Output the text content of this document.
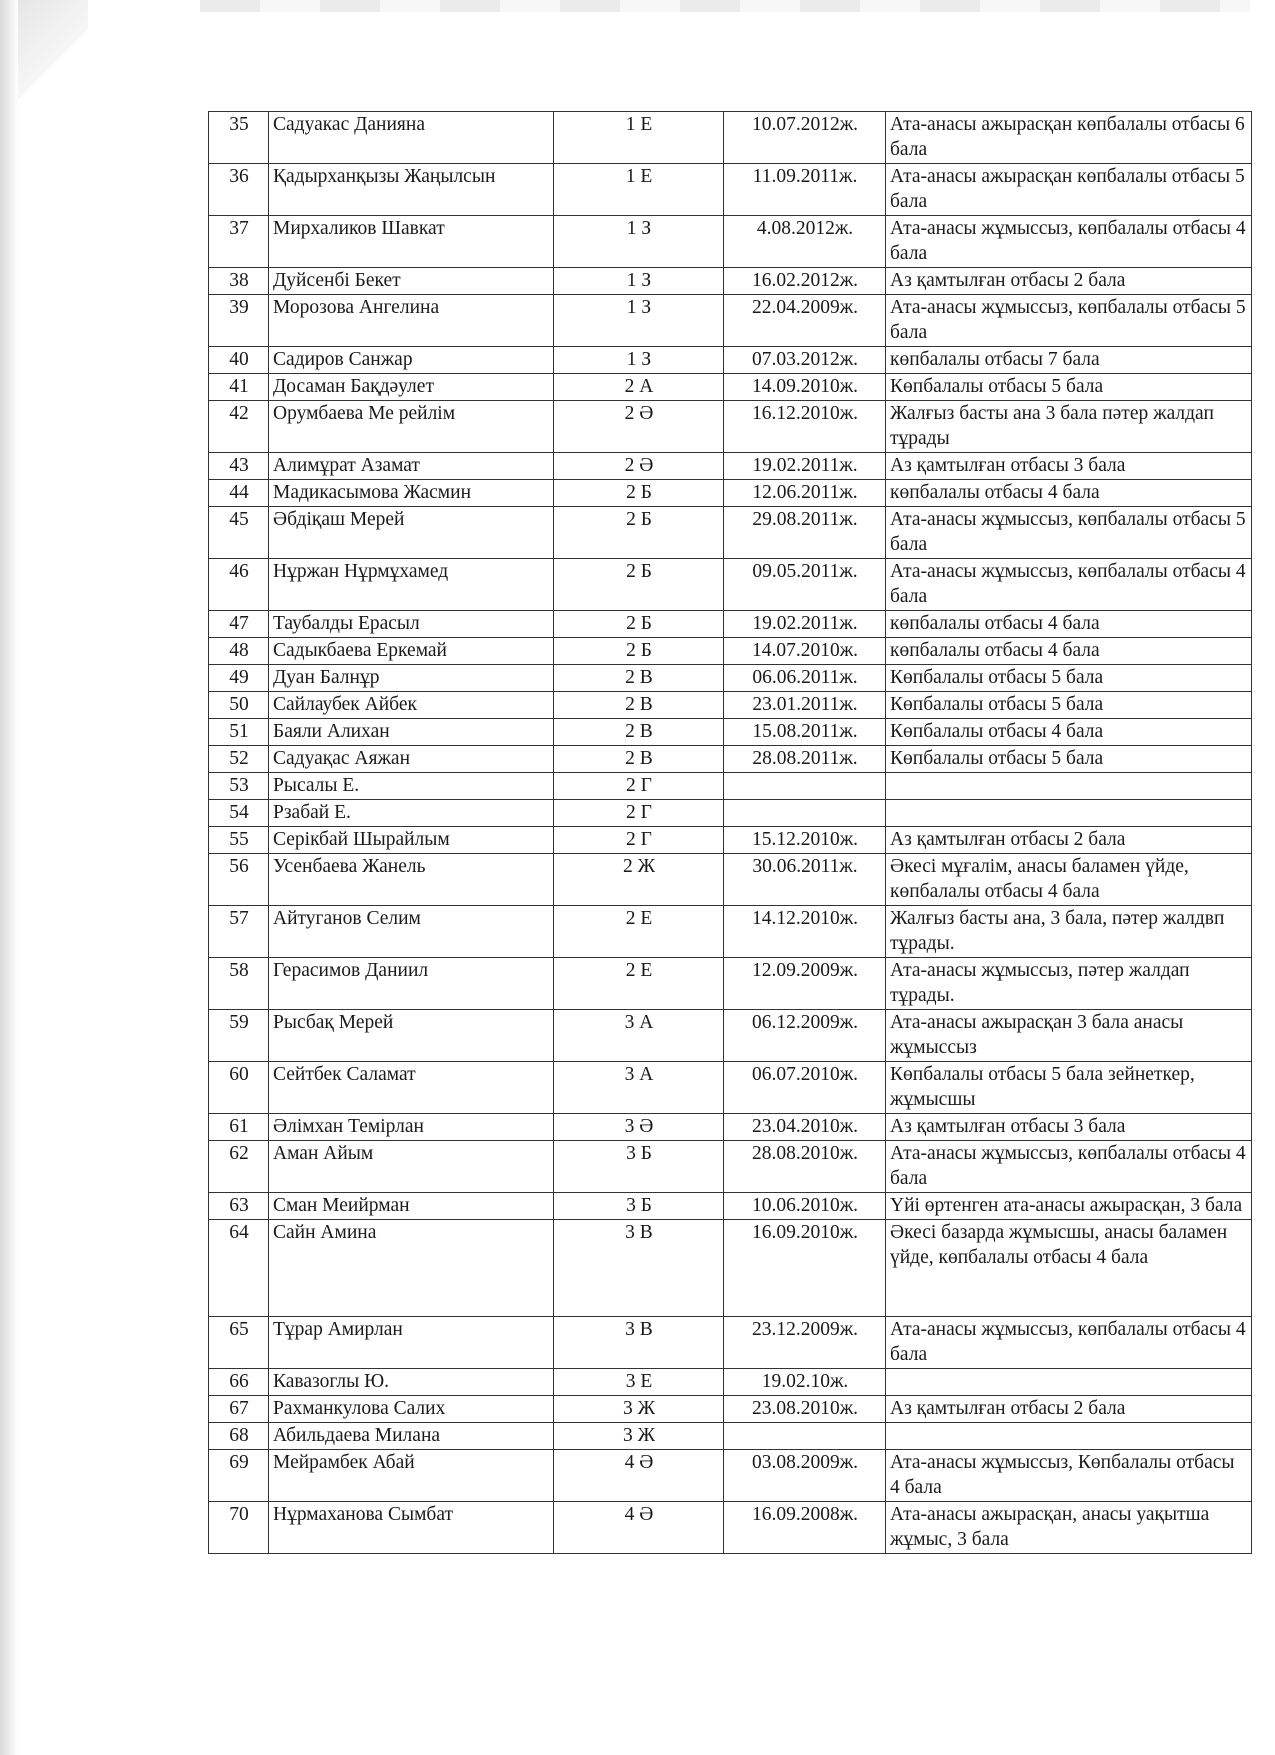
35	Садуакас Данияна	1 Е	10.07.2012ж.	Ата-анасы ажырасқан көпбалалы отбасы 6 бала
36	Қадырханқызы Жаңылсын	1 Е	11.09.2011ж.	Ата-анасы ажырасқан көпбалалы отбасы 5 бала
37	Мирхаликов Шавкат	1 З	4.08.2012ж.	Ата-анасы жұмыссыз, көпбалалы отбасы 4 бала
38	Дуйсенбі Бекет	1 З	16.02.2012ж.	Аз қамтылған отбасы 2 бала
39	Морозова Ангелина	1 З	22.04.2009ж.	Ата-анасы жұмыссыз, көпбалалы отбасы 5 бала
40	Садиров Санжар	1 З	07.03.2012ж.	көпбалалы отбасы 7 бала
41	Досаман Бақдәулет	2 А	14.09.2010ж.	Көпбалалы отбасы 5 бала
42	Орумбаева Ме рейлім	2 Ә	16.12.2010ж.	Жалғыз басты ана 3 бала пәтер жалдап тұрады
43	Алимұрат Азамат	2 Ә	19.02.2011ж.	Аз қамтылған отбасы 3 бала
44	Мадикасымова Жасмин	2 Б	12.06.2011ж.	көпбалалы отбасы 4 бала
45	Әбдіқаш Мерей	2 Б	29.08.2011ж.	Ата-анасы жұмыссыз, көпбалалы отбасы 5 бала
46	Нұржан Нұрмұхамед	2 Б	09.05.2011ж.	Ата-анасы жұмыссыз, көпбалалы отбасы 4 бала
47	Таубалды Ерасыл	2 Б	19.02.2011ж.	көпбалалы отбасы 4 бала
48	Садыкбаева Еркемай	2 Б	14.07.2010ж.	көпбалалы отбасы 4 бала
49	Дуан Балнұр	2 В	06.06.2011ж.	Көпбалалы отбасы 5 бала
50	Сайлаубек Айбек	2 В	23.01.2011ж.	Көпбалалы отбасы 5 бала
51	Баяли Алихан	2 В	15.08.2011ж.	Көпбалалы отбасы 4 бала
52	Садуақас Аяжан	2 В	28.08.2011ж.	Көпбалалы отбасы 5 бала
53	Рысалы Е.	2 Г		
54	Рзабай Е.	2 Г		
55	Серікбай Шырайлым	2 Г	15.12.2010ж.	Аз қамтылған отбасы 2 бала
56	Усенбаева Жанель	2 Ж	30.06.2011ж.	Әкесі мұғалім, анасы баламен үйде, көпбалалы отбасы 4 бала
57	Айтуганов Селим	2 Е	14.12.2010ж.	Жалғыз басты ана, 3 бала, пәтер жалдвп тұрады.
58	Герасимов Даниил	2 Е	12.09.2009ж.	Ата-анасы жұмыссыз, пәтер жалдап тұрады.
59	Рысбақ Мерей	3 А	06.12.2009ж.	Ата-анасы ажырасқан 3 бала анасы жұмыссыз
60	Сейтбек Саламат	3 А	06.07.2010ж.	Көпбалалы отбасы 5 бала зейнеткер, жұмысшы
61	Әлімхан Темірлан	3 Ә	23.04.2010ж.	Аз қамтылған отбасы 3 бала
62	Аман Айым	3 Б	28.08.2010ж.	Ата-анасы жұмыссыз, көпбалалы отбасы 4 бала
63	Сман Меийрман	3 Б	10.06.2010ж.	Үйі өртенген ата-анасы ажырасқан, 3 бала
64	Сайн Амина	3 В	16.09.2010ж.	Әкесі базарда жұмысшы, анасы баламен үйде, көпбалалы отбасы 4 бала
65	Тұрар Амирлан	3 В	23.12.2009ж.	Ата-анасы жұмыссыз, көпбалалы отбасы 4 бала
66	Кавазоглы Ю.	3 Е	19.02.10ж.	
67	Рахманкулова Салих	3 Ж	23.08.2010ж.	Аз қамтылған отбасы 2 бала
68	Абильдаева Милана	3 Ж		
69	Мейрамбек Абай	4 Ә	03.08.2009ж.	Ата-анасы жұмыссыз, Көпбалалы отбасы 4 бала
70	Нұрмаханова Сымбат	4 Ә	16.09.2008ж.	Ата-анасы ажырасқан, анасы уақытша жұмыс, 3 бала
